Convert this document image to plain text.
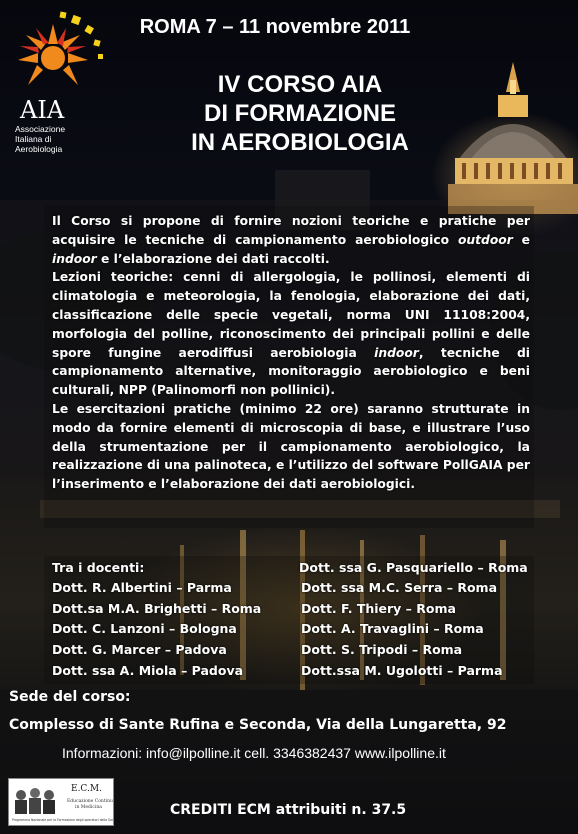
AIA
Associazione
Italiana di
Aerobiologia
ROMA 7 – 11 novembre 2011
IV CORSO AIA
DI FORMAZIONE
IN AEROBIOLOGIA

Il Corso si propone di fornire nozioni teoriche e pratiche per acquisire le tecniche di campionamento aerobiologico outdoor e indoor e l’elaborazione dei dati raccolti.

Lezioni teoriche: cenni di allergologia, le pollinosi, elementi di climatologia e meteorologia, la fenologia, elaborazione dei dati, classificazione delle specie vegetali, norma UNI 11108:2004, morfologia del polline, riconoscimento dei principali pollini e delle spore fungine aerodiffusi aerobiologia indoor, tecniche di campionamento alternative, monitoraggio aerobiologico e beni culturali, NPP (Palinomorfi non pollinici).

Le esercitazioni pratiche (minimo 22 ore) saranno strutturate in modo da fornire elementi di microscopia di base, e illustrare l’uso della strumentazione per il campionamento aerobiologico, la realizzazione di una palinoteca, e l’utilizzo del software PollGAIA per l’inserimento e l’elaborazione dei dati aerobiologici.

Tra i docenti:
Dott. R. Albertini – Parma
Dott.sa M.A. Brighetti – Roma
Dott. C. Lanzoni – Bologna
Dott. G. Marcer – Padova
Dott. ssa A. Miola – Padova
Dott. ssa G. Pasquariello – Roma
Dott. ssa M.C. Serra – Roma
Dott. F. Thiery – Roma
Dott. A. Travaglini – Roma
Dott. S. Tripodi – Roma
Dott.ssa M. Ugolotti – Parma
Sede del corso:
Complesso di Sante Rufina e Seconda, Via della Lungaretta, 92
Informazioni: info@ilpolline.it cell. 3346382437 www.ilpolline.it
E.C.M.
Educazione Continua
in Medicina
Programma Nazionale per la Formazione degli operatori della Sanità
CREDITI ECM attribuiti n. 37.5
